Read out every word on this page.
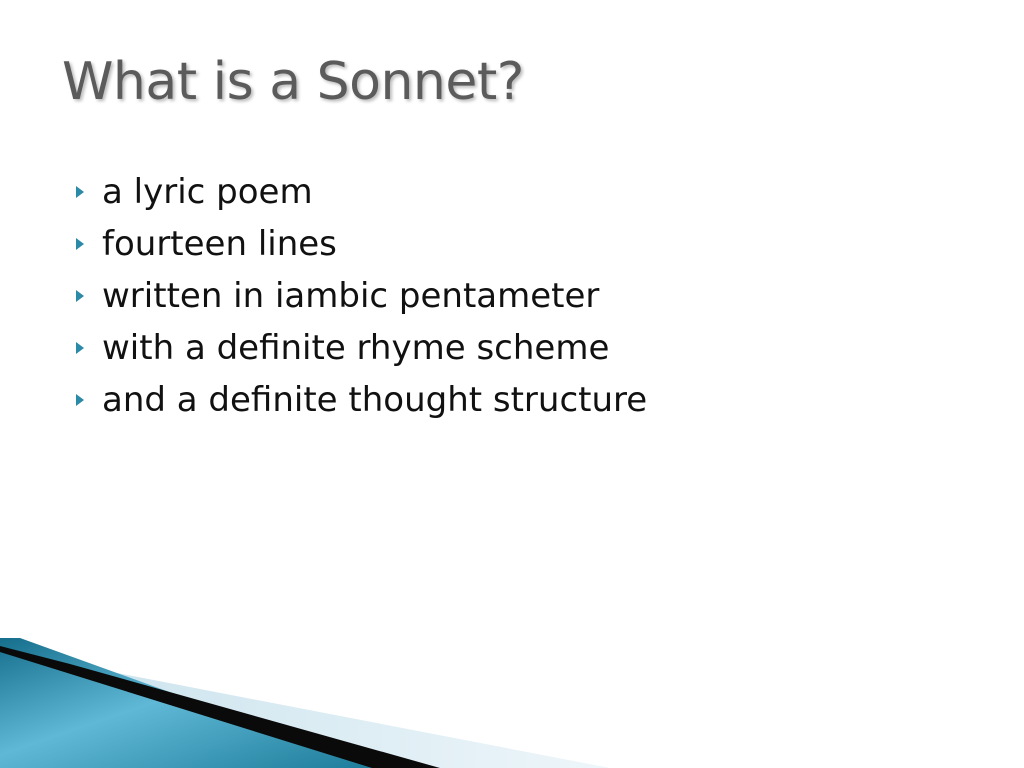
What is a Sonnet?
a lyric poem
fourteen lines
written in iambic pentameter
with a definite rhyme scheme
and a definite thought structure
